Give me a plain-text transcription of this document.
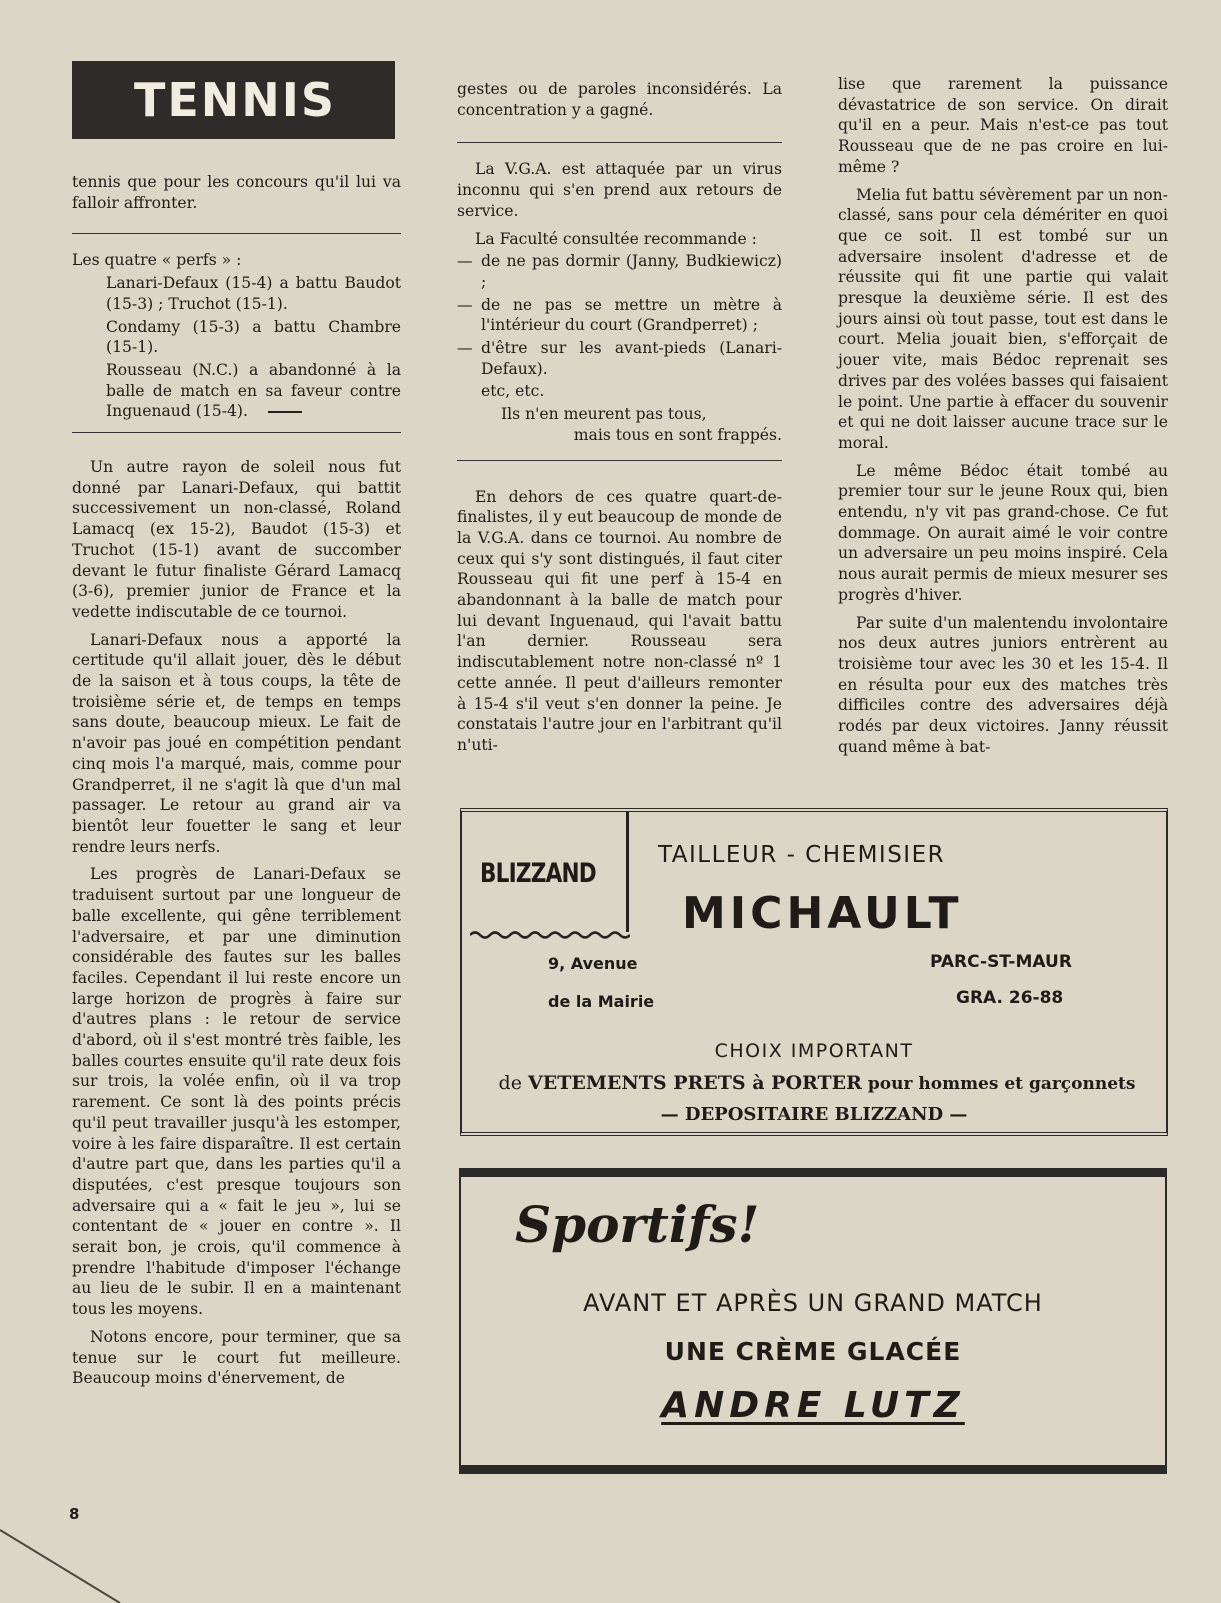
TENNIS

tennis que pour les concours qu'il lui va falloir affronter.

Les quatre « perfs » :

Lanari-Defaux (15-4) a battu Baudot (15-3) ; Truchot (15-1).

Condamy (15-3) a battu Chambre (15-1).

Rousseau (N.C.) a abandonné à la balle de match en sa faveur contre Inguenaud (15-4).

Un autre rayon de soleil nous fut donné par Lanari-Defaux, qui battit successivement un non-classé, Roland Lamacq (ex 15-2), Baudot (15-3) et Truchot (15-1) avant de succomber devant le futur finaliste Gérard Lamacq (3-6), premier junior de France et la vedette indiscutable de ce tournoi.

Lanari-Defaux nous a apporté la certitude qu'il allait jouer, dès le début de la saison et à tous coups, la tête de troisième série et, de temps en temps sans doute, beaucoup mieux. Le fait de n'avoir pas joué en compétition pendant cinq mois l'a marqué, mais, comme pour Grandperret, il ne s'agit là que d'un mal passager. Le retour au grand air va bientôt leur fouetter le sang et leur rendre leurs nerfs.

Les progrès de Lanari-Defaux se traduisent surtout par une longueur de balle excellente, qui gêne terriblement l'adversaire, et par une diminution considérable des fautes sur les balles faciles. Cependant il lui reste encore un large horizon de progrès à faire sur d'autres plans : le retour de service d'abord, où il s'est montré très faible, les balles courtes ensuite qu'il rate deux fois sur trois, la volée enfin, où il va trop rarement. Ce sont là des points précis qu'il peut travailler jusqu'à les estomper, voire à les faire disparaître. Il est certain d'autre part que, dans les parties qu'il a disputées, c'est presque toujours son adversaire qui a « fait le jeu », lui se contentant de « jouer en contre ». Il serait bon, je crois, qu'il commence à prendre l'habitude d'imposer l'échange au lieu de le subir. Il en a maintenant tous les moyens.

Notons encore, pour terminer, que sa tenue sur le court fut meilleure. Beaucoup moins d'énervement, de

gestes ou de paroles inconsidérés. La concentration y a gagné.

La V.G.A. est attaquée par un virus inconnu qui s'en prend aux retours de service.

La Faculté consultée recommande :

— de ne pas dormir (Janny, Budkiewicz) ;

— de ne pas se mettre un mètre à l'intérieur du court (Grandperret) ;

— d'être sur les avant-pieds (Lanari-Defaux).

etc, etc.

Ils n'en meurent pas tous,

mais tous en sont frappés.

En dehors de ces quatre quart-de-finalistes, il y eut beaucoup de monde de la V.G.A. dans ce tournoi. Au nombre de ceux qui s'y sont distingués, il faut citer Rousseau qui fit une perf à 15-4 en abandonnant à la balle de match pour lui devant Inguenaud, qui l'avait battu l'an dernier. Rousseau sera indiscutablement notre non-classé nº 1 cette année. Il peut d'ailleurs remonter à 15-4 s'il veut s'en donner la peine. Je constatais l'autre jour en l'arbitrant qu'il n'uti-

lise que rarement la puissance dévastatrice de son service. On dirait qu'il en a peur. Mais n'est-ce pas tout Rousseau que de ne pas croire en lui-même ?

Melia fut battu sévèrement par un non-classé, sans pour cela démériter en quoi que ce soit. Il est tombé sur un adversaire insolent d'adresse et de réussite qui fit une partie qui valait presque la deuxième série. Il est des jours ainsi où tout passe, tout est dans le court. Melia jouait bien, s'efforçait de jouer vite, mais Bédoc reprenait ses drives par des volées basses qui faisaient le point. Une partie à effacer du souvenir et qui ne doit laisser aucune trace sur le moral.

Le même Bédoc était tombé au premier tour sur le jeune Roux qui, bien entendu, n'y vit pas grand-chose. Ce fut dommage. On aurait aimé le voir contre un adversaire un peu moins inspiré. Cela nous aurait permis de mieux mesurer ses progrès d'hiver.

Par suite d'un malentendu involontaire nos deux autres juniors entrèrent au troisième tour avec les 30 et les 15-4. Il en résulta pour eux des matches très difficiles contre des adversaires déjà rodés par deux victoires. Janny réussit quand même à bat-

BLIZZAND
TAILLEUR - CHEMISIER
MICHAULT
9, Avenue
de la Mairie
PARC-ST-MAUR
GRA. 26-88
CHOIX IMPORTANT
de VETEMENTS PRETS à PORTER pour hommes et garçonnets
— DEPOSITAIRE BLIZZAND —
Sportifs!
AVANT ET APRÈS UN GRAND MATCH
UNE CRÈME GLACÉE
ANDRE LUTZ
8
